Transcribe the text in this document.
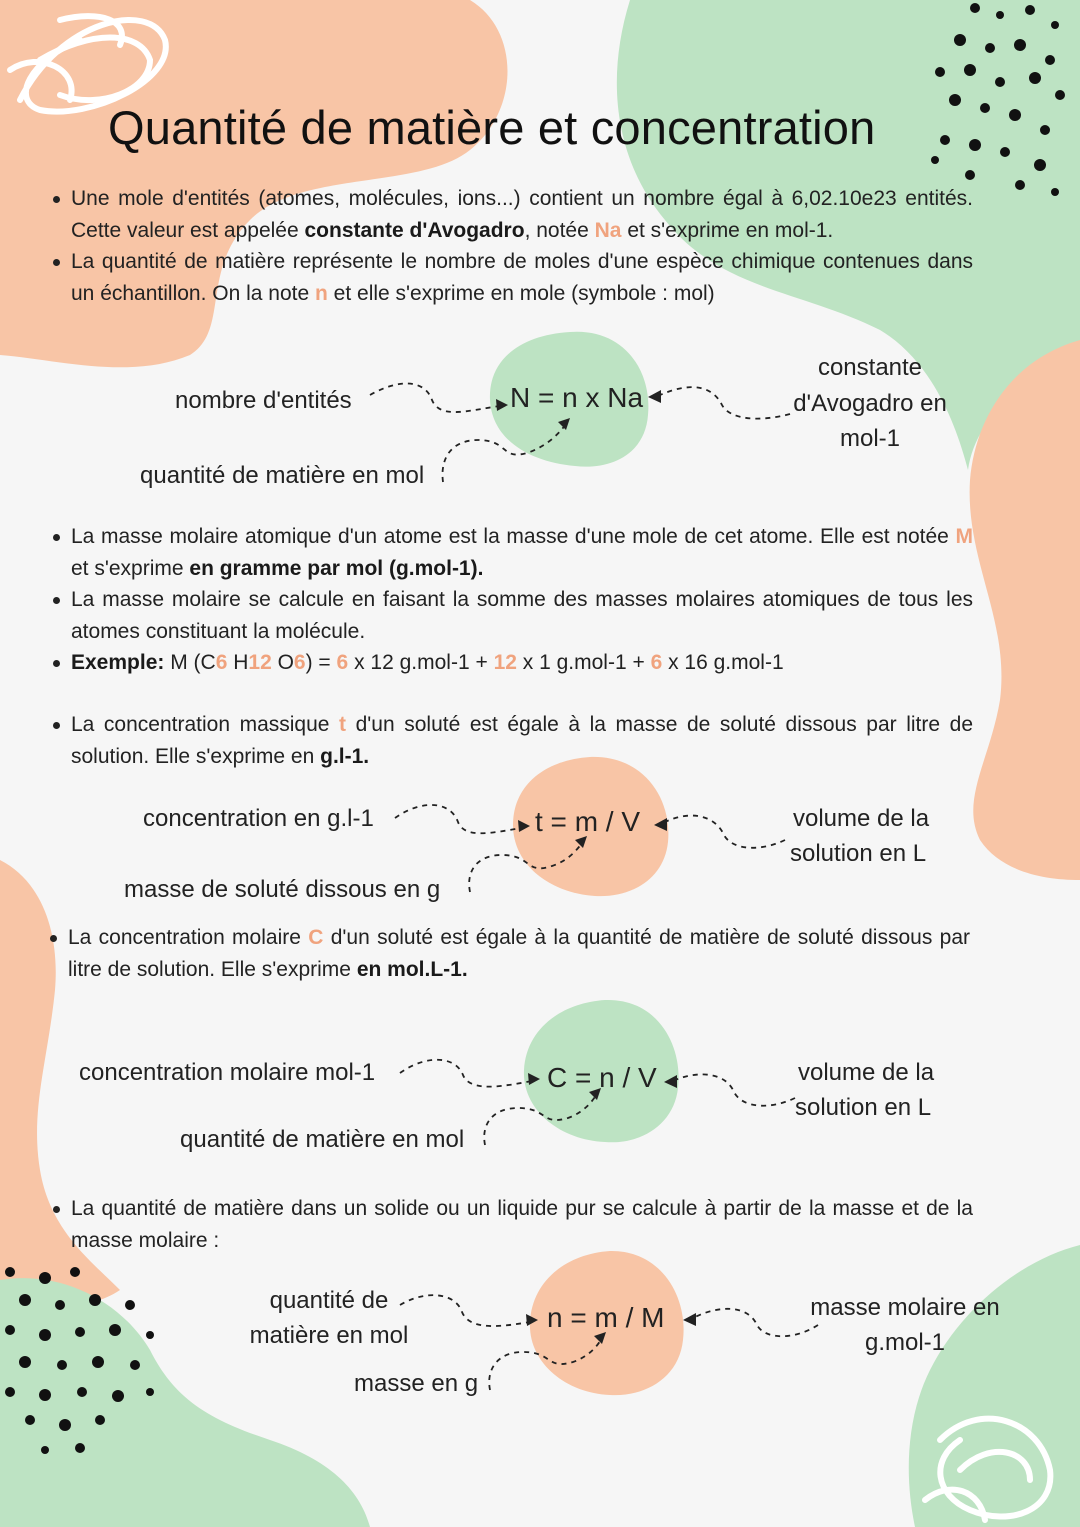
Quantité de matière et concentration
Une mole d'entités (atomes, molécules, ions...) contient un nombre égal à 6,02.10e23 entités. Cette valeur est appelée constante d'Avogadro, notée Na et s'exprime en mol-1.
La quantité de matière représente le nombre de moles d'une espèce chimique contenues dans un échantillon. On la note n et elle s'exprime en mole (symbole : mol)
nombre d'entités
quantité de matière en mol
N = n x Na
constante
d'Avogadro en
mol-1
La masse molaire atomique d'un atome est la masse d'une mole de cet atome. Elle est notée M et s'exprime en gramme par mol (g.mol-1).
La masse molaire se calcule en faisant la somme des masses molaires atomiques de tous les atomes constituant la molécule.
Exemple: M (C6 H12 O6) = 6 x 12 g.mol-1 + 12 x 1 g.mol-1 + 6 x 16 g.mol-1
La concentration massique t d'un soluté est égale à la masse de soluté dissous par litre de solution. Elle s'exprime en g.l-1.
concentration en g.l-1
masse de soluté dissous en g
t = m / V	volume de la
solution en L
La concentration molaire C d'un soluté est égale à la quantité de matière de soluté dissous par litre de solution. Elle s'exprime en mol.L-1.
concentration molaire mol-1
quantité de matière en mol
C = n / V	volume de la
solution en L
La quantité de matière dans un solide ou un liquide pur se calcule à partir de la masse et de la masse molaire :
quantité de
matière en mol
masse en g
n = m / M	masse molaire en
g.mol-1
